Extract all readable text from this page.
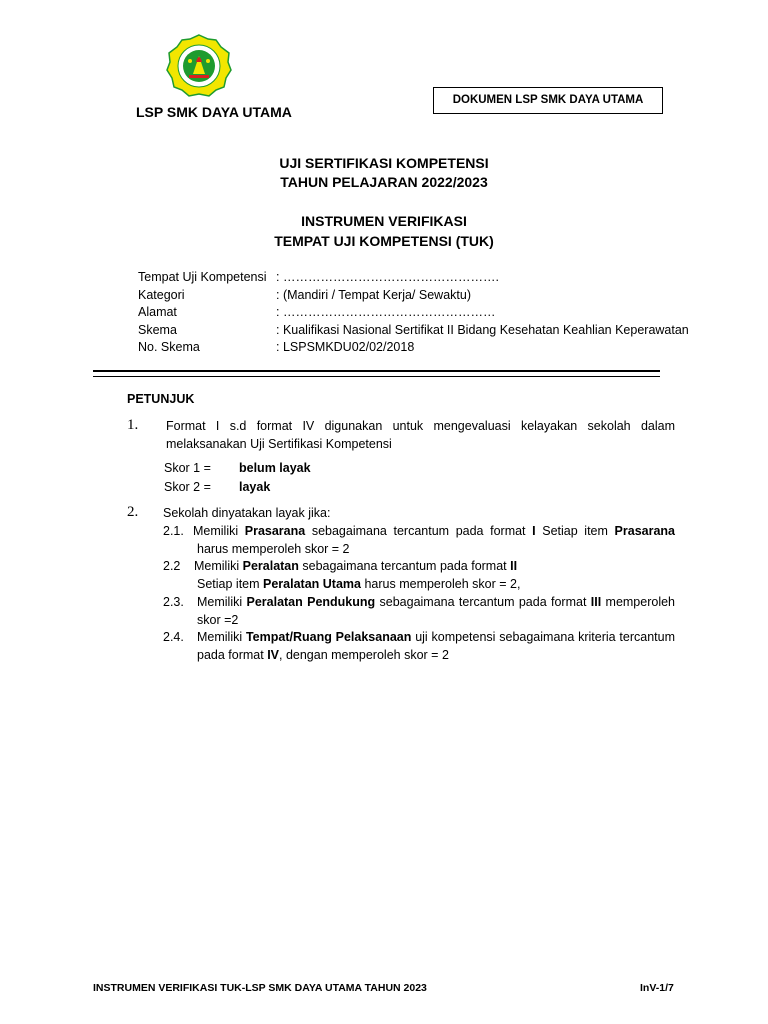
LSP SMK DAYA UTAMA
DOKUMEN LSP SMK DAYA UTAMA
UJI SERTIFIKASI KOMPETENSI
TAHUN PELAJARAN 2022/2023
INSTRUMEN VERIFIKASI
TEMPAT UJI KOMPETENSI (TUK)
Tempat Uji Kompetensi : …………………………………………….
Kategori	: (Mandiri / Tempat Kerja/ Sewaktu)
Alamat	: ……………………………………………
Skema	: Kualifikasi Nasional Sertifikat II Bidang Kesehatan Keahlian Keperawatan
No. Skema	: LSPSMKDU02/02/2018
PETUNJUK
1. Format I s.d format IV digunakan untuk mengevaluasi kelayakan sekolah dalam melaksanakan Uji Sertifikasi Kompetensi
Skor 1 = belum layak
Skor 2 = layak
2. Sekolah dinyatakan layak jika:
2.1. Memiliki Prasarana sebagaimana tercantum pada format I Setiap item Prasarana harus memperoleh skor = 2
2.2 Memiliki Peralatan sebagaimana tercantum pada format II
Setiap item Peralatan Utama harus memperoleh skor = 2,
2.3. Memiliki Peralatan Pendukung sebagaimana tercantum pada format III memperoleh skor =2
2.4. Memiliki Tempat/Ruang Pelaksanaan uji kompetensi sebagaimana kriteria tercantum pada format IV, dengan memperoleh skor = 2
INSTRUMEN VERIFIKASI TUK-LSP SMK DAYA UTAMA TAHUN 2023	InV-1/7
